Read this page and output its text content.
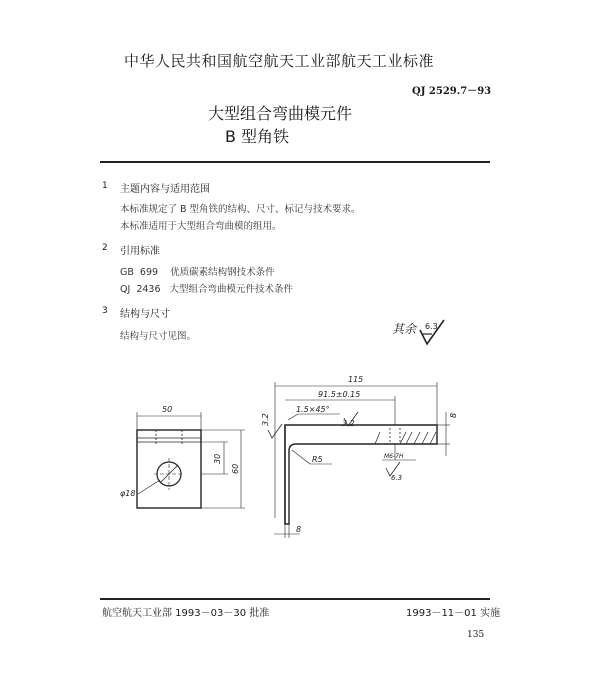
中华人民共和国航空航天工业部航天工业标准
QJ 2529.7－93
大型组合弯曲模元件
B 型角铁
1 主题内容与适用范围
本标准规定了 B 型角铁的结构、尺寸、标记与技术要求。
本标准适用于大型组合弯曲模的组用。
2 引用标准
GB  699    优质碳素结构钢技术条件
QJ  2436   大型组合弯曲模元件技术条件
3 结构与尺寸
结构与尺寸见图。
其余 6.3
50
30
60
φ18
115
91.5±0.15
1.5×45°
3.2	3.2
R5	M6-7H
6.3
8
8
航空航天工业部 1993－03－30 批准	1993－11－01 实施
135
